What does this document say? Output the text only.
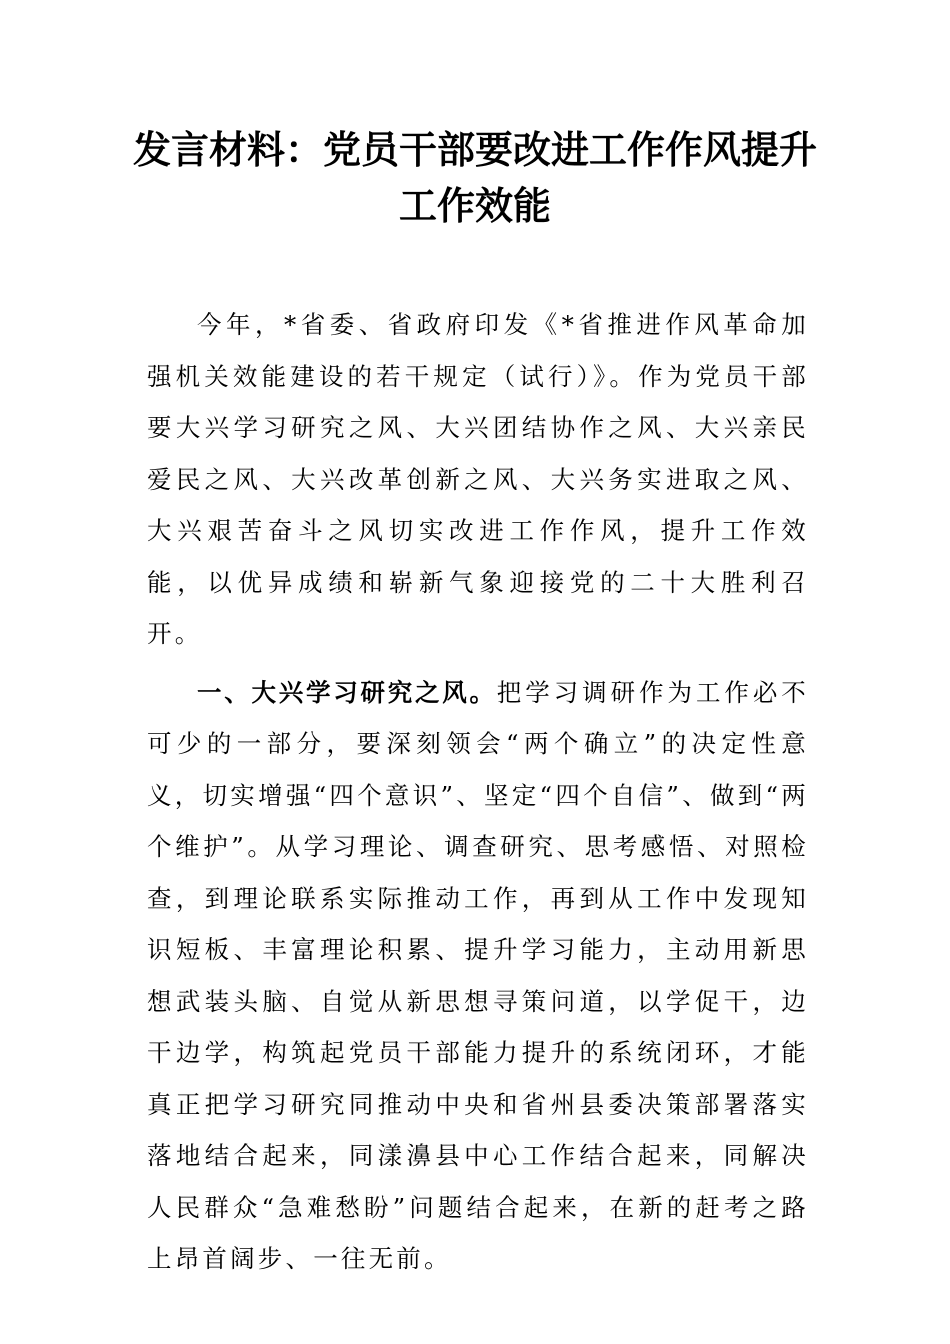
发言材料：党员干部要改进工作作风提升
工作效能

今年，*省委、省政府印发《*省推进作风革命加强机关效能建设的若干规定（试行）》。作为党员干部要大兴学习研究之风、大兴团结协作之风、大兴亲民爱民之风、大兴改革创新之风、大兴务实进取之风、大兴艰苦奋斗之风切实改进工作作风，提升工作效能，以优异成绩和崭新气象迎接党的二十大胜利召开。

一、大兴学习研究之风。把学习调研作为工作必不可少的一部分，要深刻领会“两个确立”的决定性意义，切实增强“四个意识”、坚定“四个自信”、做到“两个维护”。从学习理论、调查研究、思考感悟、对照检查，到理论联系实际推动工作，再到从工作中发现知识短板、丰富理论积累、提升学习能力，主动用新思想武装头脑、自觉从新思想寻策问道，以学促干，边干边学，构筑起党员干部能力提升的系统闭环，才能真正把学习研究同推动中央和省州县委决策部署落实落地结合起来，同漾濞县中心工作结合起来，同解决人民群众“急难愁盼”问题结合起来，在新的赶考之路上昂首阔步、一往无前。
